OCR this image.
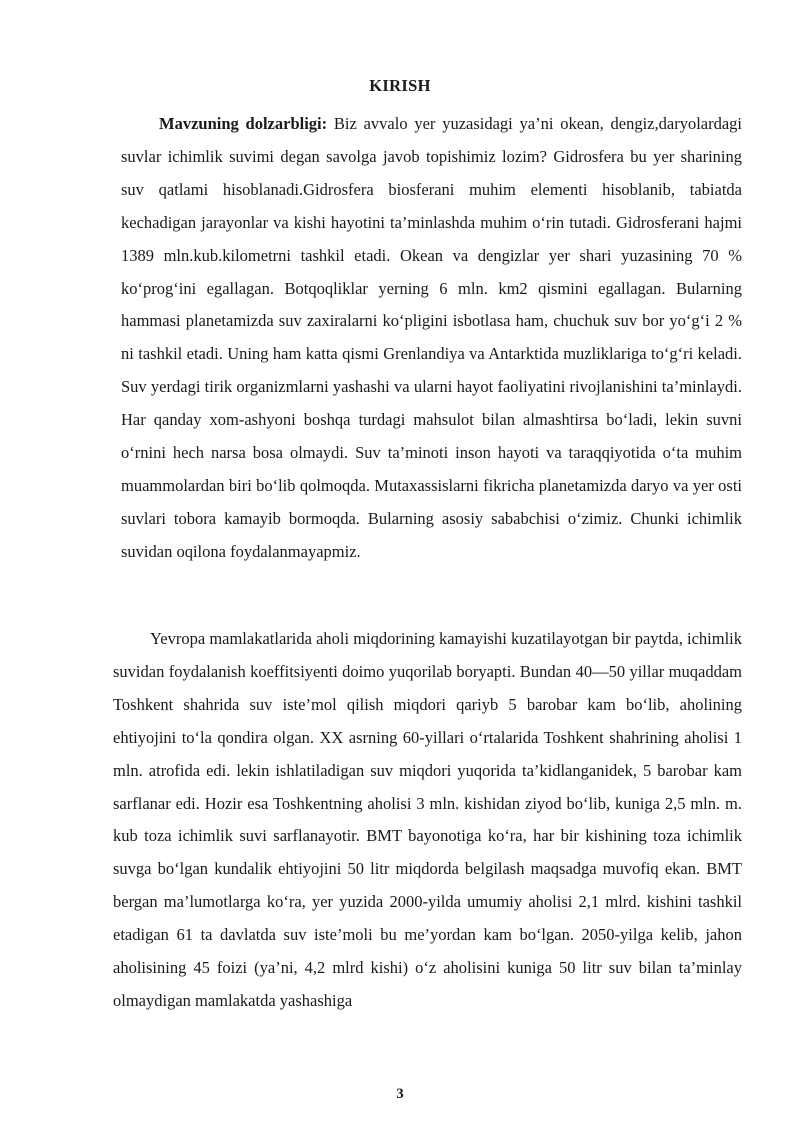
KIRISH

Mavzuning dolzarbligi: Biz avvalo yer yuzasidagi ya’ni okean, dengiz,daryolardagi suvlar ichimlik suvimi degan savolga javob topishimiz lozim? Gidrosfera bu yer sharining suv qatlami hisoblanadi.Gidrosfera biosferani muhim elementi hisoblanib, tabiatda kechadigan jarayonlar va kishi hayotini ta’minlashda muhim o‘rin tutadi. Gidrosferani hajmi 1389 mln.kub.kilometrni tashkil etadi. Okean va dengizlar yer shari yuzasining 70 % ko‘prog‘ini egallagan. Botqoqliklar yerning 6 mln. km2 qismini egallagan. Bularning hammasi planetamizda suv zaxiralarni ko‘pligini isbotlasa ham, chuchuk suv bor yo‘g‘i 2 % ni tashkil etadi. Uning ham katta qismi Grenlandiya va Antarktida muzliklariga to‘g‘ri keladi. Suv yerdagi tirik organizmlarni yashashi va ularni hayot faoliyatini rivojlanishini ta’minlaydi. Har qanday xom-ashyoni boshqa turdagi mahsulot bilan almashtirsa bo‘ladi, lekin suvni o‘rnini hech narsa bosa olmaydi. Suv ta’minoti inson hayoti va taraqqiyotida o‘ta muhim muammolardan biri bo‘lib qolmoqda. Mutaxassislarni fikricha planetamizda daryo va yer osti suvlari tobora kamayib bormoqda. Bularning asosiy sababchisi o‘zimiz. Chunki ichimlik suvidan oqilona foydalanmayapmiz.

Yevropa mamlakatlarida aholi miqdorining kamayishi kuzatilayotgan bir paytda, ichimlik suvidan foydalanish koeffitsiyenti doimo yuqorilab boryapti. Bundan 40—50 yillar muqaddam Toshkent shahrida suv iste’mol qilish miqdori qariyb 5 barobar kam bo‘lib, aholining ehtiyojini to‘la qondira olgan. XX asrning 60-yillari o‘rtalarida Toshkent shahrining aholisi 1 mln. atrofida edi. lekin ishlatiladigan suv miqdori yuqorida ta’kidlanganidek, 5 barobar kam sarflanar edi. Hozir esa Toshkentning aholisi 3 mln. kishidan ziyod bo‘lib, kuniga 2,5 mln. m. kub toza ichimlik suvi sarflanayotir. BMT bayonotiga ko‘ra, har bir kishining toza ichimlik suvga bo‘lgan kundalik ehtiyojini 50 litr miqdorda belgilash maqsadga muvofiq ekan. BMT bergan ma’lumotlarga ko‘ra, yer yuzida 2000-yilda umumiy aholisi 2,1 mlrd. kishini tashkil etadigan 61 ta davlatda suv iste’moli bu me’yordan kam bo‘lgan. 2050-yilga kelib, jahon aholisining 45 foizi (ya’ni, 4,2 mlrd kishi) o‘z aholisini kuniga 50 litr suv bilan ta’minlay olmaydigan mamlakatda yashashiga
3
